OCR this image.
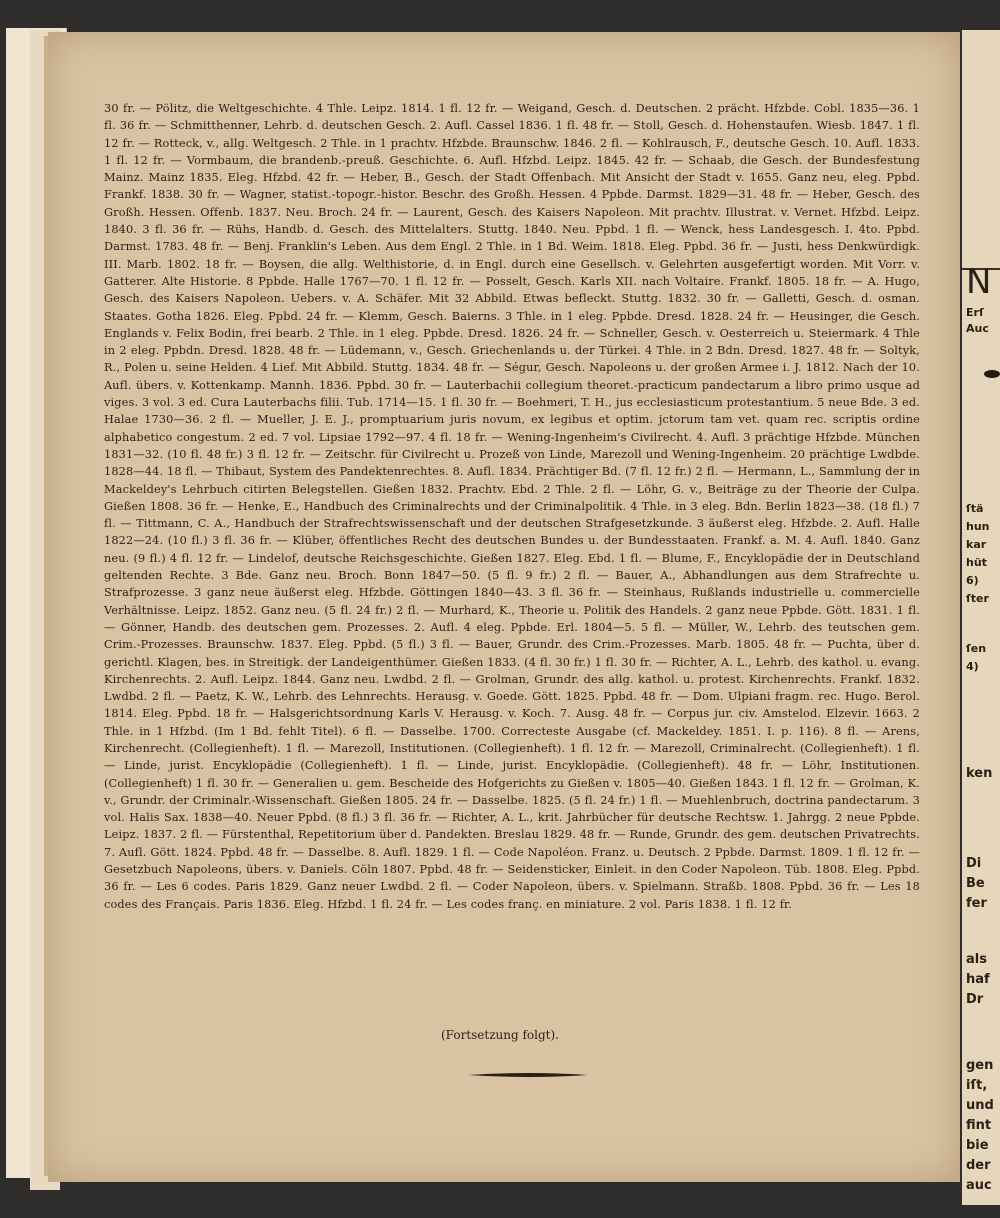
30 fr. — Pölitz, die Weltgeschichte. 4 Thle. Leipz. 1814. 1 fl. 12 fr. — Weigand, Gesch. d. Deutschen. 2 prächt. Hfzbde. Cobl. 1835—36. 1 fl. 36 fr. — Schmitthenner, Lehrb. d. deutschen Gesch. 2. Aufl. Cassel 1836. 1 fl. 48 fr. — Stoll, Gesch. d. Hohenstaufen. Wiesb. 1847. 1 fl. 12 fr. — Rotteck, v., allg. Weltgesch. 2 Thle. in 1 prachtv. Hfzbde. Braunschw. 1846. 2 fl. — Kohlrausch, F., deutsche Gesch. 10. Aufl. 1833. 1 fl. 12 fr. — Vormbaum, die brandenb.-preuß. Geschichte. 6. Aufl. Hfzbd. Leipz. 1845. 42 fr. — Schaab, die Gesch. der Bundesfestung Mainz. Mainz 1835. Eleg. Hfzbd. 42 fr. — Heber, B., Gesch. der Stadt Offenbach. Mit Ansicht der Stadt v. 1655. Ganz neu, eleg. Ppbd. Frankf. 1838. 30 fr. — Wagner, statist.-topogr.-histor. Beschr. des Großh. Hessen. 4 Ppbde. Darmst. 1829—31. 48 fr. — Heber, Gesch. des Großh. Hessen. Offenb. 1837. Neu. Broch. 24 fr. — Laurent, Gesch. des Kaisers Napoleon. Mit prachtv. Illustrat. v. Vernet. Hfzbd. Leipz. 1840. 3 fl. 36 fr. — Rühs, Handb. d. Gesch. des Mittelalters. Stuttg. 1840. Neu. Ppbd. 1 fl. — Wenck, hess Landesgesch. I. 4to. Ppbd. Darmst. 1783. 48 fr. — Benj. Franklin's Leben. Aus dem Engl. 2 Thle. in 1 Bd. Weim. 1818. Eleg. Ppbd. 36 fr. — Justi, hess Denkwürdigk. III. Marb. 1802. 18 fr. — Boysen, die allg. Welthistorie, d. in Engl. durch eine Gesellsch. v. Gelehrten ausgefertigt worden. Mit Vorr. v. Gatterer. Alte Historie. 8 Ppbde. Halle 1767—70. 1 fl. 12 fr. — Posselt, Gesch. Karls XII. nach Voltaire. Frankf. 1805. 18 fr. — A. Hugo, Gesch. des Kaisers Napoleon. Uebers. v. A. Schäfer. Mit 32 Abbild. Etwas befleckt. Stuttg. 1832. 30 fr. — Galletti, Gesch. d. osman. Staates. Gotha 1826. Eleg. Ppbd. 24 fr. — Klemm, Gesch. Baierns. 3 Thle. in 1 eleg. Ppbde. Dresd. 1828. 24 fr. — Heusinger, die Gesch. Englands v. Felix Bodin, frei bearb. 2 Thle. in 1 eleg. Ppbde. Dresd. 1826. 24 fr. — Schneller, Gesch. v. Oesterreich u. Steiermark. 4 Thle in 2 eleg. Ppbdn. Dresd. 1828. 48 fr. — Lüdemann, v., Gesch. Griechenlands u. der Türkei. 4 Thle. in 2 Bdn. Dresd. 1827. 48 fr. — Soltyk, R., Polen u. seine Helden. 4 Lief. Mit Abbild. Stuttg. 1834. 48 fr. — Ségur, Gesch. Napoleons u. der großen Armee i. J. 1812. Nach der 10. Aufl. übers. v. Kottenkamp. Mannh. 1836. Ppbd. 30 fr. — Lauterbachii collegium theoret.-practicum pandectarum a libro primo usque ad viges. 3 vol. 3 ed. Cura Lauterbachs filii. Tub. 1714—15. 1 fl. 30 fr. — Boehmeri, T. H., jus ecclesiasticum protestantium. 5 neue Bde. 3 ed. Halae 1730—36. 2 fl. — Mueller, J. E. J., promptuarium juris novum, ex legibus et optim. jctorum tam vet. quam rec. scriptis ordine alphabetico congestum. 2 ed. 7 vol. Lipsiae 1792—97. 4 fl. 18 fr. — Wening-Ingenheim's Civilrecht. 4. Aufl. 3 prächtige Hfzbde. München 1831—32. (10 fl. 48 fr.) 3 fl. 12 fr. — Zeitschr. für Civilrecht u. Prozeß von Linde, Marezoll und Wening-Ingenheim. 20 prächtige Lwdbde. 1828—44. 18 fl. — Thibaut, System des Pandektenrechtes. 8. Aufl. 1834. Prächtiger Bd. (7 fl. 12 fr.) 2 fl. — Hermann, L., Sammlung der in Mackeldey's Lehrbuch citirten Belegstellen. Gießen 1832. Prachtv. Ebd. 2 Thle. 2 fl. — Löhr, G. v., Beiträge zu der Theorie der Culpa. Gießen 1808. 36 fr. — Henke, E., Handbuch des Criminalrechts und der Criminalpolitik. 4 Thle. in 3 eleg. Bdn. Berlin 1823—38. (18 fl.) 7 fl. — Tittmann, C. A., Handbuch der Strafrechtswissenschaft und der deutschen Strafgesetzkunde. 3 äußerst eleg. Hfzbde. 2. Aufl. Halle 1822—24. (10 fl.) 3 fl. 36 fr. — Klüber, öffentliches Recht des deutschen Bundes u. der Bundesstaaten. Frankf. a. M. 4. Aufl. 1840. Ganz neu. (9 fl.) 4 fl. 12 fr. — Lindelof, deutsche Reichsgeschichte. Gießen 1827. Eleg. Ebd. 1 fl. — Blume, F., Encyklopädie der in Deutschland geltenden Rechte. 3 Bde. Ganz neu. Broch. Bonn 1847—50. (5 fl. 9 fr.) 2 fl. — Bauer, A., Abhandlungen aus dem Strafrechte u. Strafprozesse. 3 ganz neue äußerst eleg. Hfzbde. Göttingen 1840—43. 3 fl. 36 fr. — Steinhaus, Rußlands industrielle u. commercielle Verhältnisse. Leipz. 1852. Ganz neu. (5 fl. 24 fr.) 2 fl. — Murhard, K., Theorie u. Politik des Handels. 2 ganz neue Ppbde. Gött. 1831. 1 fl. — Gönner, Handb. des deutschen gem. Prozesses. 2. Aufl. 4 eleg. Ppbde. Erl. 1804—5. 5 fl. — Müller, W., Lehrb. des teutschen gem. Crim.-Prozesses. Braunschw. 1837. Eleg. Ppbd. (5 fl.) 3 fl. — Bauer, Grundr. des Crim.-Prozesses. Marb. 1805. 48 fr. — Puchta, über d. gerichtl. Klagen, bes. in Streitigk. der Landeigenthümer. Gießen 1833. (4 fl. 30 fr.) 1 fl. 30 fr. — Richter, A. L., Lehrb. des kathol. u. evang. Kirchenrechts. 2. Aufl. Leipz. 1844. Ganz neu. Lwdbd. 2 fl. — Grolman, Grundr. des allg. kathol. u. protest. Kirchenrechts. Frankf. 1832. Lwdbd. 2 fl. — Paetz, K. W., Lehrb. des Lehnrechts. Herausg. v. Goede. Gött. 1825. Ppbd. 48 fr. — Dom. Ulpiani fragm. rec. Hugo. Berol. 1814. Eleg. Ppbd. 18 fr. — Halsgerichtsordnung Karls V. Herausg. v. Koch. 7. Ausg. 48 fr. — Corpus jur. civ. Amstelod. Elzevir. 1663. 2 Thle. in 1 Hfzbd. (Im 1 Bd. fehlt Titel). 6 fl. — Dasselbe. 1700. Correcteste Ausgabe (cf. Mackeldey. 1851. I. p. 116). 8 fl. — Arens, Kirchenrecht. (Collegienheft). 1 fl. — Marezoll, Institutionen. (Collegienheft). 1 fl. 12 fr. — Marezoll, Criminalrecht. (Collegienheft). 1 fl. — Linde, jurist. Encyklopädie (Collegienheft). 1 fl. — Linde, jurist. Encyklopädie. (Collegienheft). 48 fr. — Löhr, Institutionen. (Collegienheft) 1 fl. 30 fr. — Generalien u. gem. Bescheide des Hofgerichts zu Gießen v. 1805—40. Gießen 1843. 1 fl. 12 fr. — Grolman, K. v., Grundr. der Criminalr.-Wissenschaft. Gießen 1805. 24 fr. — Dasselbe. 1825. (5 fl. 24 fr.) 1 fl. — Muehlenbruch, doctrina pandectarum. 3 vol. Halis Sax. 1838—40. Neuer Ppbd. (8 fl.) 3 fl. 36 fr. — Richter, A. L., krit. Jahrbücher für deutsche Rechtsw. 1. Jahrgg. 2 neue Ppbde. Leipz. 1837. 2 fl. — Fürstenthal, Repetitorium über d. Pandekten. Breslau 1829. 48 fr. — Runde, Grundr. des gem. deutschen Privatrechts. 7. Aufl. Gött. 1824. Ppbd. 48 fr. — Dasselbe. 8. Aufl. 1829. 1 fl. — Code Napoléon. Franz. u. Deutsch. 2 Ppbde. Darmst. 1809. 1 fl. 12 fr. — Gesetzbuch Napoleons, übers. v. Daniels. Cöln 1807. Ppbd. 48 fr. — Seidensticker, Einleit. in den Coder Napoleon. Tüb. 1808. Eleg. Ppbd. 36 fr. — Les 6 codes. Paris 1829. Ganz neuer Lwdbd. 2 fl. — Coder Napoleon, übers. v. Spielmann. Straßb. 1808. Ppbd. 36 fr. — Les 18 codes des Français. Paris 1836. Eleg. Hfzbd. 1 fl. 24 fr. — Les codes franç. en miniature. 2 vol. Paris 1838. 1 fl. 12 fr.

(Fortsetzung folgt).
N
Erſ
Auc
ſtä
hun
kar
hüt
6)
ſter
ſen
4)
ken
Di
Be
fer
als
haf
Dr
gen
iſt,
und
fint
bie
der
auc
